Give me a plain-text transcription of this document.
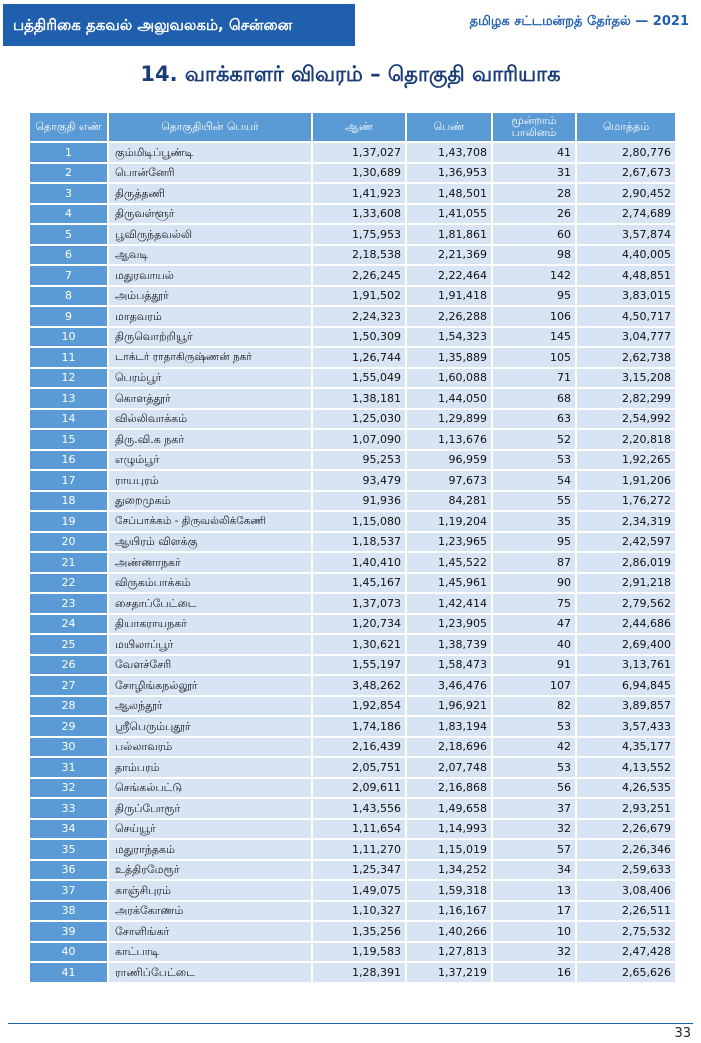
பத்திரிகை தகவல் அலுவலகம், சென்னை	தமிழக சட்டமன்றத் தேர்தல் — 2021
14. வாக்காளர் விவரம் – தொகுதி வாரியாக
தொகுதி எண்	தொகுதியின் பெயர்	ஆண்	பெண்	மூன்றாம் பாலினம்	மொத்தம்
1	கும்மிடிப்பூண்டி	1,37,027	1,43,708	41	2,80,776
2	பொன்னேரி	1,30,689	1,36,953	31	2,67,673
3	திருத்தணி	1,41,923	1,48,501	28	2,90,452
4	திருவள்ளூர்	1,33,608	1,41,055	26	2,74,689
5	பூவிருந்தவல்லி	1,75,953	1,81,861	60	3,57,874
6	ஆவடி	2,18,538	2,21,369	98	4,40,005
7	மதுரவாயல்	2,26,245	2,22,464	142	4,48,851
8	அம்பத்தூர்	1,91,502	1,91,418	95	3,83,015
9	மாதவரம்	2,24,323	2,26,288	106	4,50,717
10	திருவொற்றியூர்	1,50,309	1,54,323	145	3,04,777
11	டாக்டர் ராதாகிருஷ்ணன் நகர்	1,26,744	1,35,889	105	2,62,738
12	பெரம்பூர்	1,55,049	1,60,088	71	3,15,208
13	கொளத்தூர்	1,38,181	1,44,050	68	2,82,299
14	வில்லிவாக்கம்	1,25,030	1,29,899	63	2,54,992
15	திரு.வி.க நகர்	1,07,090	1,13,676	52	2,20,818
16	எழும்பூர்	95,253	96,959	53	1,92,265
17	ராயபுரம்	93,479	97,673	54	1,91,206
18	துறைமுகம்	91,936	84,281	55	1,76,272
19	சேப்பாக்கம் - திருவல்லிக்கேணி	1,15,080	1,19,204	35	2,34,319
20	ஆயிரம் விளக்கு	1,18,537	1,23,965	95	2,42,597
21	அண்ணாநகர்	1,40,410	1,45,522	87	2,86,019
22	விருகம்பாக்கம்	1,45,167	1,45,961	90	2,91,218
23	சைதாப்பேட்டை	1,37,073	1,42,414	75	2,79,562
24	தியாகராயநகர்	1,20,734	1,23,905	47	2,44,686
25	மயிலாப்பூர்	1,30,621	1,38,739	40	2,69,400
26	வேளச்சேரி	1,55,197	1,58,473	91	3,13,761
27	சோழிங்கநல்லூர்	3,48,262	3,46,476	107	6,94,845
28	ஆலந்தூர்	1,92,854	1,96,921	82	3,89,857
29	ஸ்ரீபெரும்புதூர்	1,74,186	1,83,194	53	3,57,433
30	பல்லாவரம்	2,16,439	2,18,696	42	4,35,177
31	தாம்பரம்	2,05,751	2,07,748	53	4,13,552
32	செங்கல்பட்டு	2,09,611	2,16,868	56	4,26,535
33	திருப்போரூர்	1,43,556	1,49,658	37	2,93,251
34	செய்யூர்	1,11,654	1,14,993	32	2,26,679
35	மதுராந்தகம்	1,11,270	1,15,019	57	2,26,346
36	உத்திரமேரூர்	1,25,347	1,34,252	34	2,59,633
37	காஞ்சிபுரம்	1,49,075	1,59,318	13	3,08,406
38	அரக்கோணம்	1,10,327	1,16,167	17	2,26,511
39	சோளிங்கர்	1,35,256	1,40,266	10	2,75,532
40	காட்பாடி	1,19,583	1,27,813	32	2,47,428
41	ராணிப்பேட்டை	1,28,391	1,37,219	16	2,65,626
33
